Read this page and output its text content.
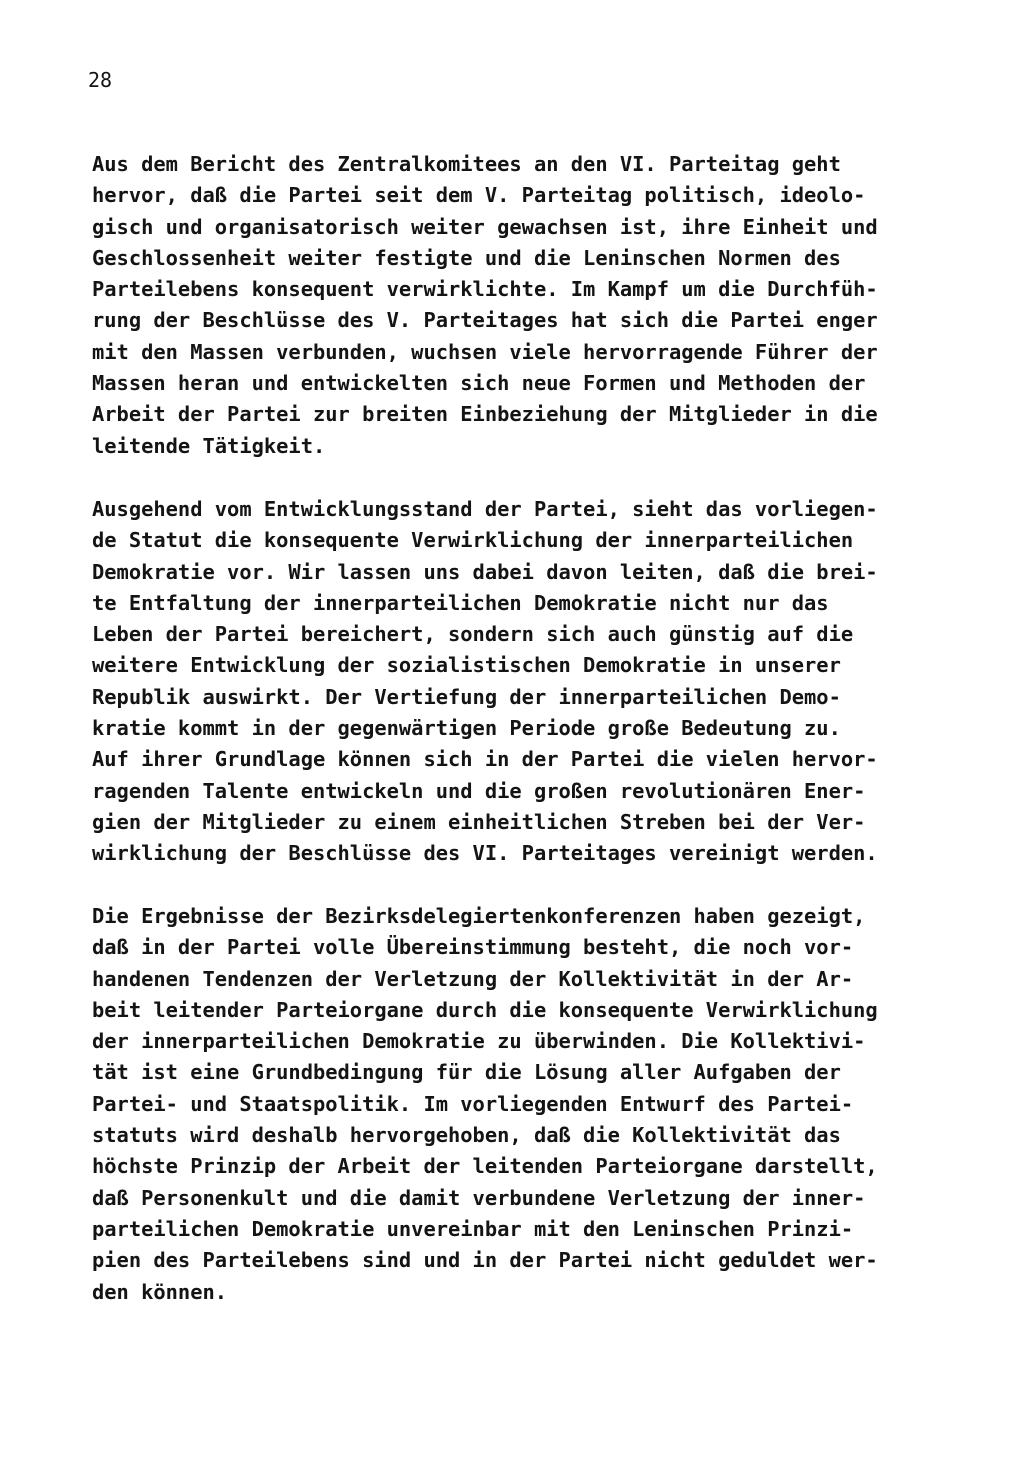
28

Aus dem Bericht des Zentralkomitees an den VI. Parteitag geht
hervor, daß die Partei seit dem V. Parteitag politisch, ideolo-
gisch und organisatorisch weiter gewachsen ist, ihre Einheit und
Geschlossenheit weiter festigte und die Leninschen Normen des
Parteilebens konsequent verwirklichte. Im Kampf um die Durchfüh-
rung der Beschlüsse des V. Parteitages hat sich die Partei enger
mit den Massen verbunden, wuchsen viele hervorragende Führer der
Massen heran und entwickelten sich neue Formen und Methoden der
Arbeit der Partei zur breiten Einbeziehung der Mitglieder in die
leitende Tätigkeit.
Ausgehend vom Entwicklungsstand der Partei, sieht das vorliegen-
de Statut die konsequente Verwirklichung der innerparteilichen
Demokratie vor. Wir lassen uns dabei davon leiten, daß die brei-
te Entfaltung der innerparteilichen Demokratie nicht nur das
Leben der Partei bereichert, sondern sich auch günstig auf die
weitere Entwicklung der sozialistischen Demokratie in unserer
Republik auswirkt. Der Vertiefung der innerparteilichen Demo-
kratie kommt in der gegenwärtigen Periode große Bedeutung zu.
Auf ihrer Grundlage können sich in der Partei die vielen hervor-
ragenden Talente entwickeln und die großen revolutionären Ener-
gien der Mitglieder zu einem einheitlichen Streben bei der Ver-
wirklichung der Beschlüsse des VI. Parteitages vereinigt werden.
Die Ergebnisse der Bezirksdelegiertenkonferenzen haben gezeigt,
daß in der Partei volle Übereinstimmung besteht, die noch vor-
handenen Tendenzen der Verletzung der Kollektivität in der Ar-
beit leitender Parteiorgane durch die konsequente Verwirklichung
der innerparteilichen Demokratie zu überwinden. Die Kollektivi-
tät ist eine Grundbedingung für die Lösung aller Aufgaben der
Partei- und Staatspolitik. Im vorliegenden Entwurf des Partei-
statuts wird deshalb hervorgehoben, daß die Kollektivität das
höchste Prinzip der Arbeit der leitenden Parteiorgane darstellt,
daß Personenkult und die damit verbundene Verletzung der inner-
parteilichen Demokratie unvereinbar mit den Leninschen Prinzi-
pien des Parteilebens sind und in der Partei nicht geduldet wer-
den können.
